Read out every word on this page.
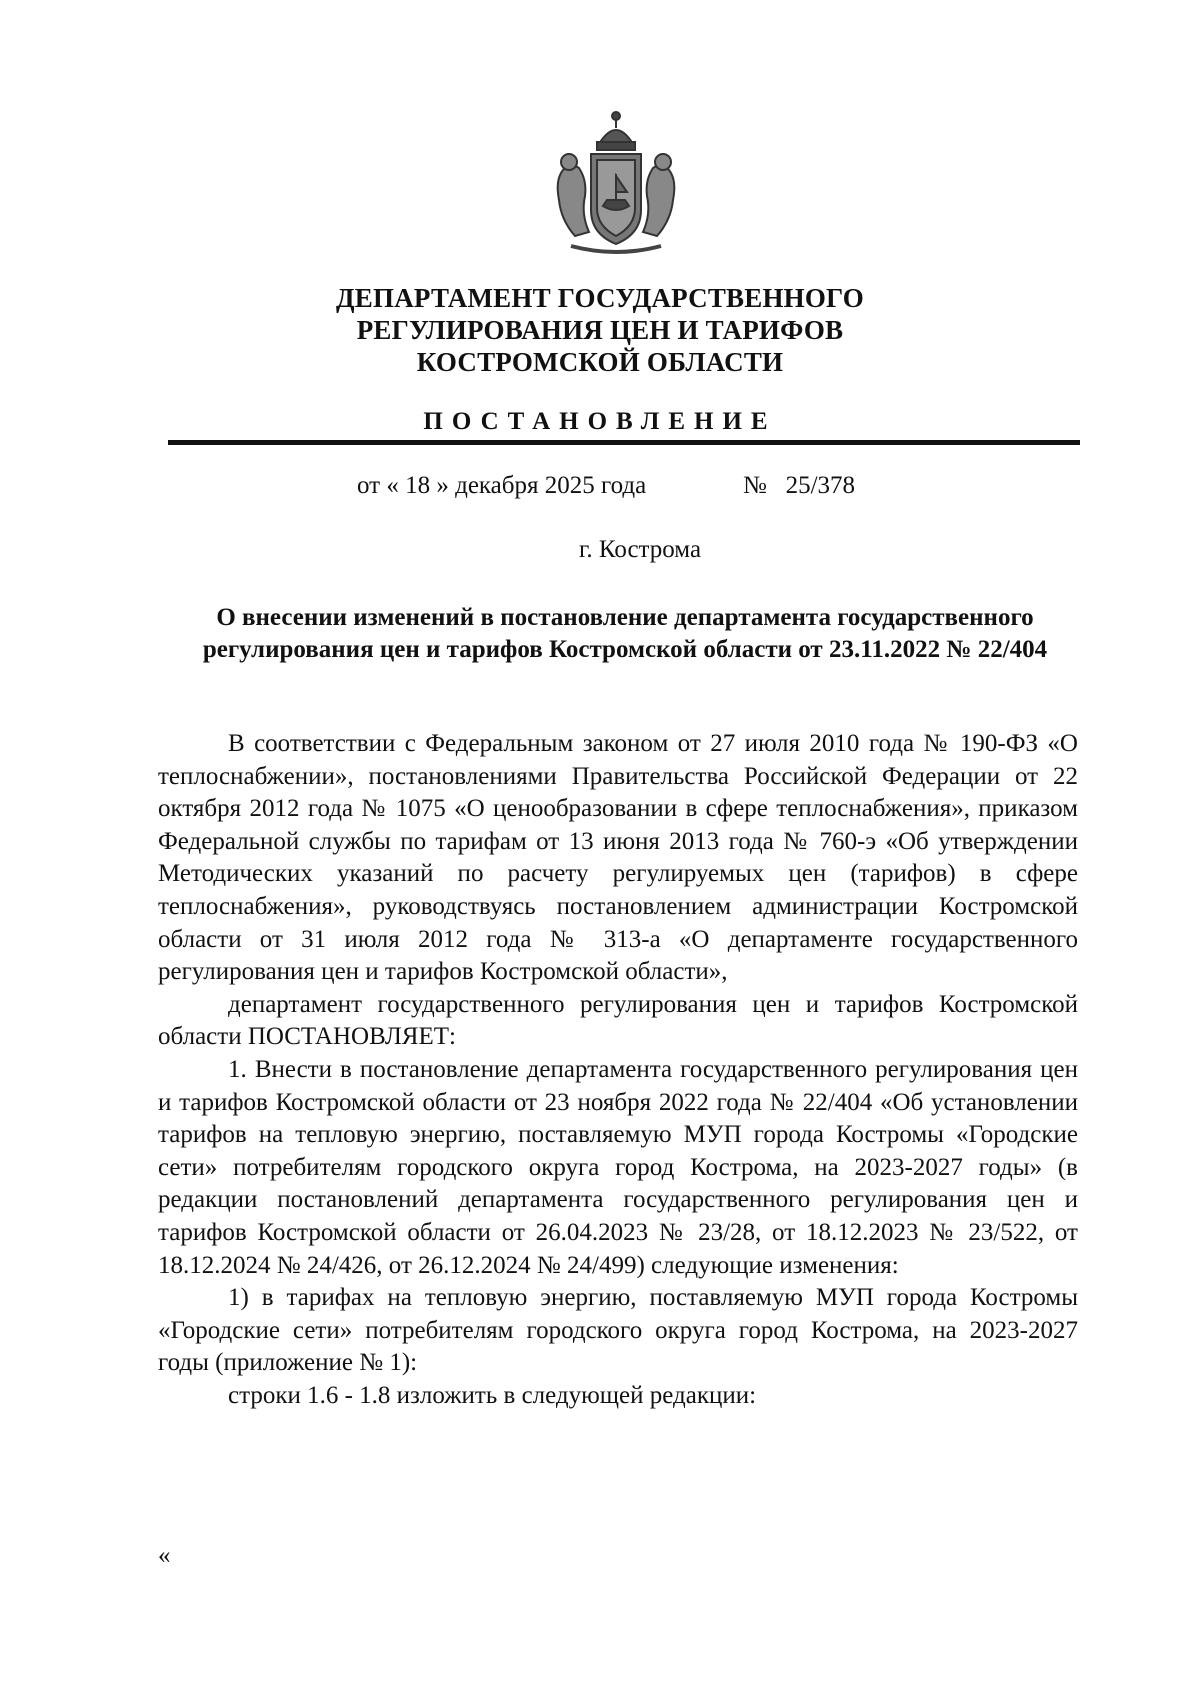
ДЕПАРТАМЕНТ ГОСУДАРСТВЕННОГО
РЕГУЛИРОВАНИЯ ЦЕН И ТАРИФОВ
КОСТРОМСКОЙ ОБЛАСТИ
ПОСТАНОВЛЕНИЕ
от « 18 » декабря 2025 года	№   25/378
г. Кострома
О внесении изменений в постановление департамента государственного
регулирования цен и тарифов Костромской области от 23.11.2022 № 22/404

В соответствии с Федеральным законом от 27 июля 2010 года № 190-ФЗ «О теплоснабжении», постановлениями Правительства Российской Федерации от 22 октября 2012 года № 1075 «О ценообразовании в сфере теплоснабжения», приказом Федеральной службы по тарифам от 13 июня 2013 года № 760-э «Об утверждении Методических указаний по расчету регулируемых цен (тарифов) в сфере теплоснабжения», руководствуясь постановлением администрации Костромской области от 31 июля 2012 года № 313-а «О департаменте государственного регулирования цен и тарифов Костромской области»,

департамент государственного регулирования цен и тарифов Костромской области ПОСТАНОВЛЯЕТ:

1. Внести в постановление департамента государственного регулирования цен и тарифов Костромской области от 23 ноября 2022 года № 22/404 «Об установлении тарифов на тепловую энергию, поставляемую МУП города Костромы «Городские сети» потребителям городского округа город Кострома, на 2023-2027 годы» (в редакции постановлений департамента государственного регулирования цен и тарифов Костромской области от 26.04.2023 № 23/28, от 18.12.2023 № 23/522, от 18.12.2024 № 24/426, от 26.12.2024 № 24/499) следующие изменения:

1) в тарифах на тепловую энергию, поставляемую МУП города Костромы «Городские сети» потребителям городского округа город Кострома, на 2023-2027 годы (приложение № 1):

строки 1.6 - 1.8 изложить в следующей редакции:

«
